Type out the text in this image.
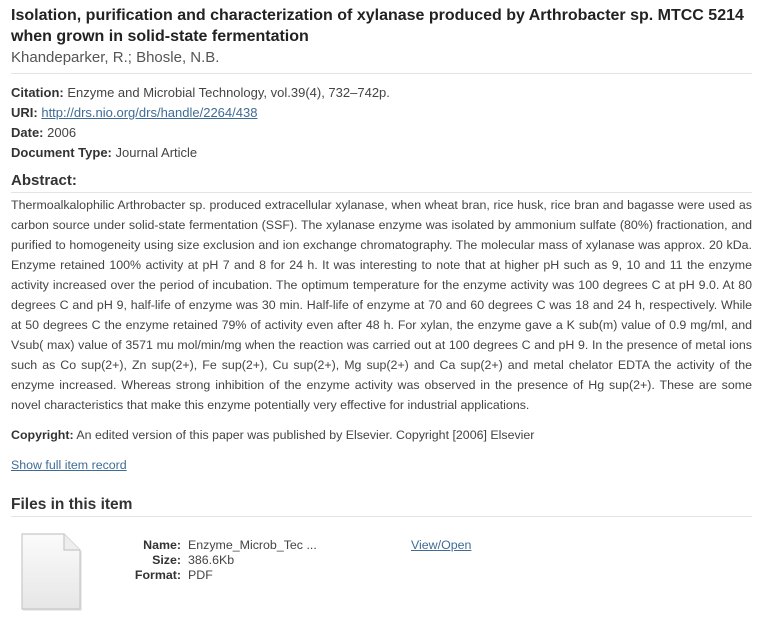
Isolation, purification and characterization of xylanase produced by Arthrobacter sp. MTCC 5214 when grown in solid-state fermentation
Khandeparker, R.; Bhosle, N.B.
Citation: Enzyme and Microbial Technology, vol.39(4), 732–742p.
URI: http://drs.nio.org/drs/handle/2264/438
Date: 2006
Document Type: Journal Article
Abstract:

Thermoalkalophilic Arthrobacter sp. produced extracellular xylanase, when wheat bran, rice husk, rice bran and bagasse were used as carbon source under solid-state fermentation (SSF). The xylanase enzyme was isolated by ammonium sulfate (80%) fractionation, and purified to homogeneity using size exclusion and ion exchange chromatography. The molecular mass of xylanase was approx. 20 kDa. Enzyme retained 100% activity at pH 7 and 8 for 24 h. It was interesting to note that at higher pH such as 9, 10 and 11 the enzyme activity increased over the period of incubation. The optimum temperature for the enzyme activity was 100 degrees C at pH 9.0. At 80 degrees C and pH 9, half-life of enzyme was 30 min. Half-life of enzyme at 70 and 60 degrees C was 18 and 24 h, respectively. While at 50 degrees C the enzyme retained 79% of activity even after 48 h. For xylan, the enzyme gave a K sub(m) value of 0.9 mg/ml, and Vsub( max) value of 3571 mu mol/min/mg when the reaction was carried out at 100 degrees C and pH 9. In the presence of metal ions such as Co sup(2+), Zn sup(2+), Fe sup(2+), Cu sup(2+), Mg sup(2+) and Ca sup(2+) and metal chelator EDTA the activity of the enzyme increased. Whereas strong inhibition of the enzyme activity was observed in the presence of Hg sup(2+). These are some novel characteristics that make this enzyme potentially very effective for industrial applications.

Copyright: An edited version of this paper was published by Elsevier. Copyright [2006] Elsevier
Show full item record
Files in this item
Name: Enzyme_Microb_Tec ...
Size: 386.6Kb
Format: PDF
View/Open
